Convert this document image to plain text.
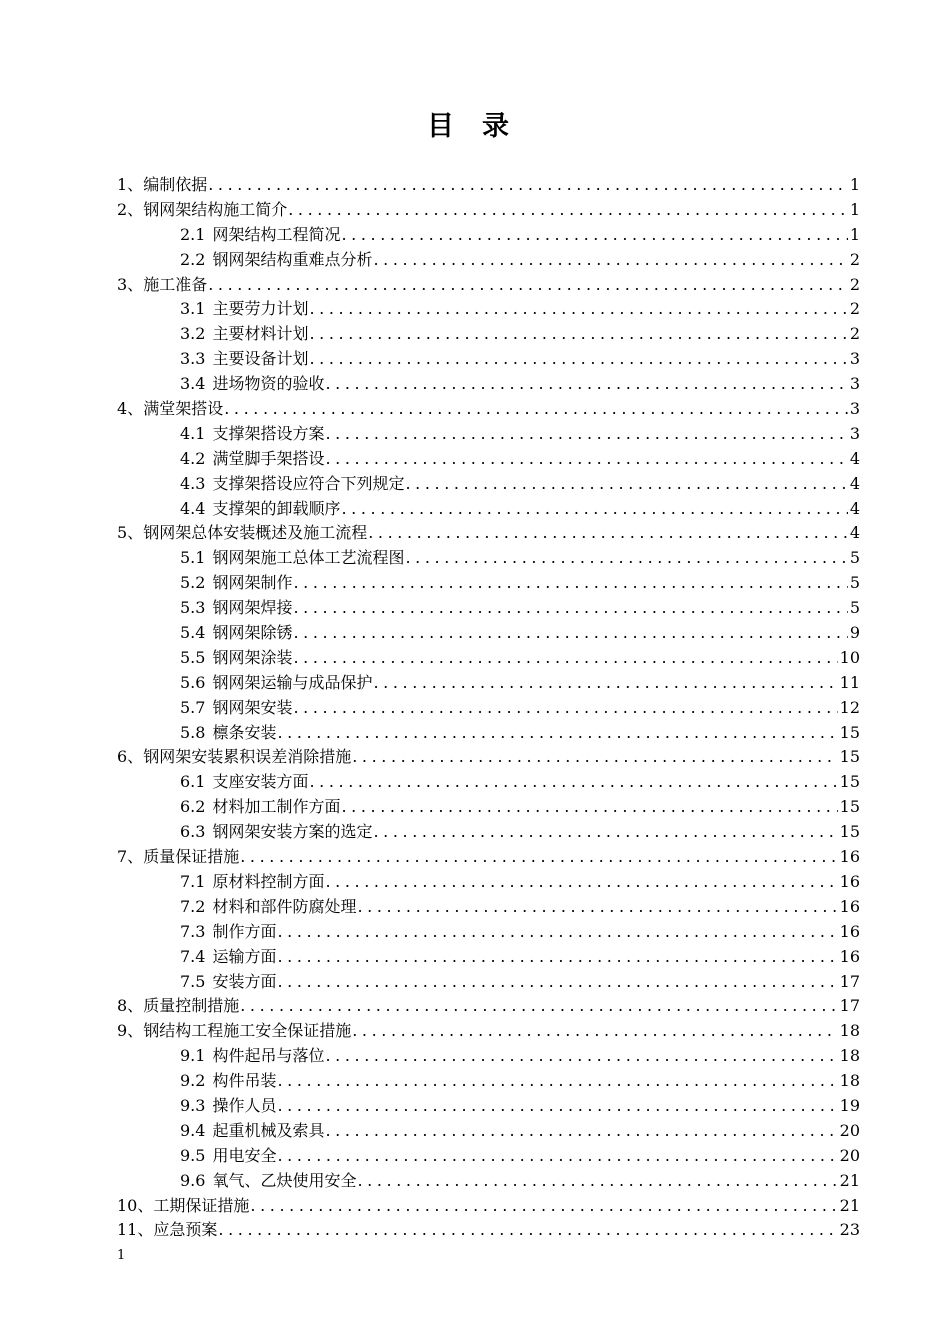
目录
1、编制依据 .....	1
2、钢网架结构施工简介 .....	1
2.1 网架结构工程简况 .....	1
2.2 钢网架结构重难点分析 .....	2
3、施工准备 .....	2
3.1 主要劳力计划 .....	2
3.2 主要材料计划 .....	2
3.3 主要设备计划 .....	3
3.4 进场物资的验收 .....	3
4、满堂架搭设 .....	3
4.1 支撑架搭设方案 .....	3
4.2 满堂脚手架搭设 .....	4
4.3 支撑架搭设应符合下列规定 .....	4
4.4 支撑架的卸载顺序 .....	4
5、钢网架总体安装概述及施工流程 .....	4
5.1 钢网架施工总体工艺流程图 .....	5
5.2 钢网架制作 .....	5
5.3 钢网架焊接 .....	5
5.4 钢网架除锈 .....	9
5.5 钢网架涂装 .....	10
5.6 钢网架运输与成品保护 .....	11
5.7 钢网架安装 .....	12
5.8 檩条安装 .....	15
6、钢网架安装累积误差消除措施 .....	15
6.1 支座安装方面 .....	15
6.2 材料加工制作方面 .....	15
6.3 钢网架安装方案的选定 .....	15
7、质量保证措施 .....	16
7.1 原材料控制方面 .....	16
7.2 材料和部件防腐处理 .....	16
7.3 制作方面 .....	16
7.4 运输方面 .....	16
7.5 安装方面 .....	17
8、质量控制措施 .....	17
9、钢结构工程施工安全保证措施 .....	18
9.1 构件起吊与落位 .....	18
9.2 构件吊装 .....	18
9.3 操作人员 .....	19
9.4 起重机械及索具 .....	20
9.5 用电安全 .....	20
9.6 氧气、乙炔使用安全 .....	21
10、工期保证措施 .....	21
11、应急预案 .....	23
1
